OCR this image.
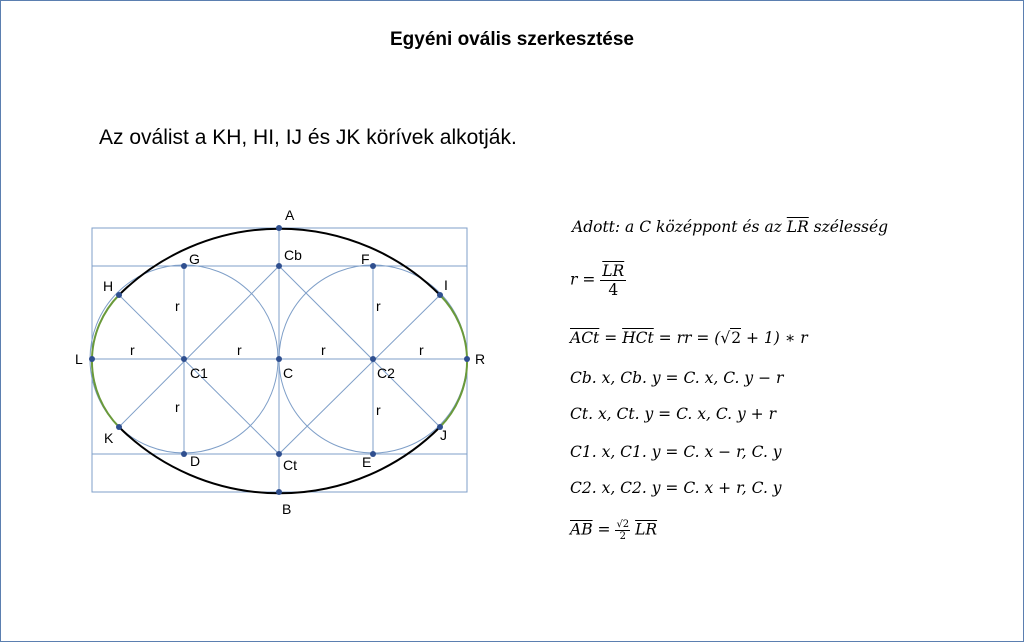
Egyéni ovális szerkesztése
Az oválist a KH, HI, IJ és JK körívek alkotják.
A
B
C
Cb
Ct
C1	C2
D	E
F
G
H	I
J
K
L	R
r
r
r
r
r	r	r	r
Adott: a C középpont és az $\overline{LR}$ szélesség
$r = \frac{\overline{LR}}{4}$
$\overline{ACt} = \overline{HCt}$ = rr = (√2 + 1) ∗ r
Cb. x, Cb. y = C. x, C. y − r
Ct. x, Ct. y = C. x, C. y + r
C1. x, C1. y = C. x − r, C. y
C2. x, C2. y = C. x + r, C. y
$\overline{AB} = \frac{√2}{2} \overline{LR}$
